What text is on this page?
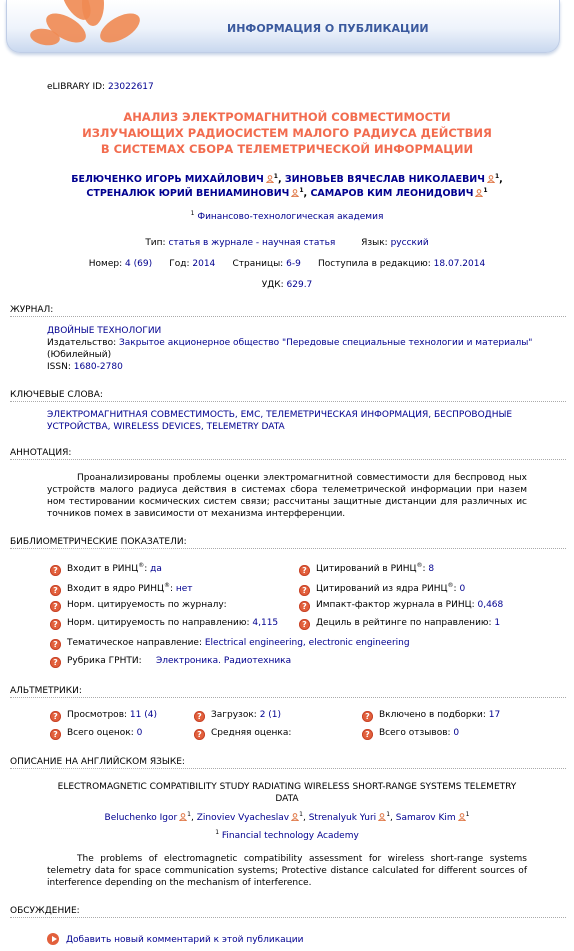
ИНФОРМАЦИЯ О ПУБЛИКАЦИИ
eLIBRARY ID: 23022617
АНАЛИЗ ЭЛЕКТРОМАГНИТНОЙ СОВМЕСТИМОСТИ ИЗЛУЧАЮЩИХ РАДИОСИСТЕМ МАЛОГО РАДИУСА ДЕЙСТВИЯ В СИСТЕМАХ СБОРА ТЕЛЕМЕТРИЧЕСКОЙ ИНФОРМАЦИИ
БЕЛЮЧЕНКО ИГОРЬ МИХАЙЛОВИЧ $^1$, ЗИНОВЬЕВ ВЯЧЕСЛАВ НИКОЛАЕВИЧ $^1$,
СТРЕНАЛЮК ЮРИЙ ВЕНИАМИНОВИЧ $^1$, САМАРОВ КИМ ЛЕОНИДОВИЧ $^1$
$^1$ Финансово-технологическая академия
Тип: статья в журнале - научная статья	Язык: русский
Номер: 4 (69) Год: 2014 Страницы: 6-9 Поступила в редакцию: 18.07.2014
УДК: 629.7
ЖУРНАЛ:
ДВОЙНЫЕ ТЕХНОЛОГИИ
Издательство: Закрытое акционерное общество "Передовые специальные технологии и материалы"
(Юбилейный)
ISSN: 1680-2780
КЛЮЧЕВЫЕ СЛОВА:
ЭЛЕКТРОМАГНИТНАЯ СОВМЕСТИМОСТЬ, EMC, ТЕЛЕМЕТРИЧЕСКАЯ ИНФОРМАЦИЯ, БЕСПРОВОДНЫЕ УСТРОЙСТВА, WIRELESS DEVICES, TELEMETRY DATA
АННОТАЦИЯ:
Проанализированы проблемы оценки электромагнитной совместимости для беспровод ных устройств малого радиуса действия в системах сбора телеметрической информации при назем ном тестировании космических систем связи; рассчитаны защитные дистанции для различных ис точников помех в зависимости от механизма интерференции.
БИБЛИОМЕТРИЧЕСКИЕ ПОКАЗАТЕЛИ:
? Входит в РИНЦ®: да
? Входит в ядро РИНЦ®: нет
? Норм. цитируемость по журналу:
? Норм. цитируемость по направлению: 4,115
? Тематическое направление: Electrical engineering, electronic engineering
? Рубрика ГРНТИ: Электроника. Радиотехника
? Цитирований в РИНЦ®: 8
? Цитирований из ядра РИНЦ®: 0
? Импакт-фактор журнала в РИНЦ: 0,468
? Дециль в рейтинге по направлению: 1
АЛЬТМЕТРИКИ:
? Просмотров: 11 (4)
? Всего оценок: 0
? Загрузок: 2 (1)
? Средняя оценка:
? Включено в подборки: 17
? Всего отзывов: 0
ОПИСАНИЕ НА АНГЛИЙСКОМ ЯЗЫКЕ:
ELECTROMAGNETIC COMPATIBILITY STUDY RADIATING WIRELESS SHORT-RANGE SYSTEMS TELEMETRY DATA
Beluchenko Igor $^1$, Zinoviev Vyacheslav $^1$, Strenalyuk Yuri $^1$, Samarov Kim $^1$
$^1$ Financial technology Academy
The problems of electromagnetic compatibility assessment for wireless short-range systems telemetry data for space communication systems; Protective distance calculated for different sources of interference depending on the mechanism of interference.
ОБСУЖДЕНИЕ:
Добавить новый комментарий к этой публикации
